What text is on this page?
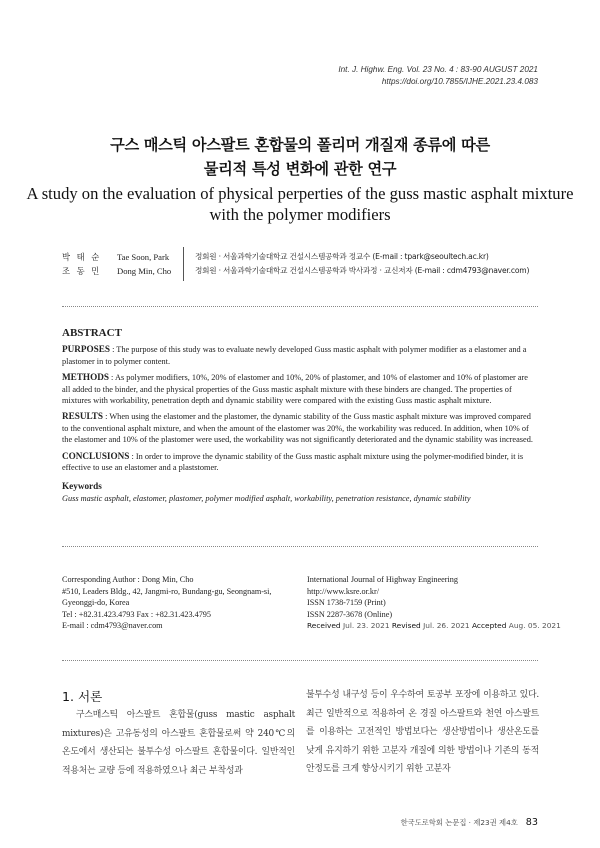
Int. J. Highw. Eng. Vol. 23 No. 4 : 83-90 AUGUST 2021
https://doi.org/10.7855/IJHE.2021.23.4.083
구스 매스틱 아스팔트 혼합물의 폴리머 개질재 종류에 따른
물리적 특성 변화에 관한 연구
A study on the evaluation of physical perperties of the guss mastic asphalt mixture
with the polymer modifiers
박 태 순 Tae Soon, Park	정회원 · 서울과학기술대학교 건설시스템공학과 정교수 (E-mail : tpark@seoultech.ac.kr)
조 동 민 Dong Min, Cho	정회원 · 서울과학기술대학교 건설시스템공학과 박사과정 · 교신저자 (E-mail : cdm4793@naver.com)
ABSTRACT

PURPOSES : The purpose of this study was to evaluate newly developed Guss mastic asphalt with polymer modifier as a elastomer and a plastomer in to polymer content.

METHODS : As polymer modifiers, 10%, 20% of elastomer and 10%, 20% of plastomer, and 10% of elastomer and 10% of plastomer are all added to the binder, and the physical properties of the Guss mastic asphalt mixture with these binders are changed. The properties of mixtures with workability, penetration depth and dynamic stability were compared with the existing Guss mastic asphalt mixture.

RESULTS : When using the elastomer and the plastomer, the dynamic stability of the Guss mastic asphalt mixture was improved compared to the conventional asphalt mixture, and when the amount of the elastomer was 20%, the workability was reduced. In addition, when 10% of the elastomer and 10% of the plastomer were used, the workability was not significantly deteriorated and the dynamic stability was increased.

CONCLUSIONS : In order to improve the dynamic stability of the Guss mastic asphalt mixture using the polymer-modified binder, it is effective to use an elastomer and a plaststomer.

Keywords
Guss mastic asphalt, elastomer, plastomer, polymer modified asphalt, workability, penetration resistance, dynamic stability
Corresponding Author : Dong Min, Cho
#510, Leaders Bldg., 42, Jangmi-ro, Bundang-gu, Seongnam-si,
Gyeonggi-do, Korea
Tel : +82.31.423.4793 Fax : +82.31.423.4795
E-mail : cdm4793@naver.com
International Journal of Highway Engineering
http://www.ksre.or.kr/
ISSN 1738-7159 (Print)
ISSN 2287-3678 (Online)
Received Jul. 23. 2021 Revised Jul. 26. 2021 Accepted Aug. 05. 2021
1. 서론
구스매스틱 아스팔트 혼합물(guss mastic asphalt mixtures)은 고유동성의 아스팔트 혼합물로써 약 240℃의 온도에서 생산되는 불투수성 아스팔트 혼합물이다. 일반적인 적용처는 교량 등에 적용하였으나 최근 부착성과
불투수성 내구성 등이 우수하여 토공부 포장에 이용하고 있다. 최근 일반적으로 적용하여 온 경질 아스팔트와 천연 아스팔트를 이용하는 고전적인 방법보다는 생산방법이나 생산온도를 낮게 유지하기 위한 고분자 개질에 의한 방법이나 기존의 동적 안정도를 크게 향상시키기 위한 고분자
한국도로학회 논문집 · 제23권 제4호 83
